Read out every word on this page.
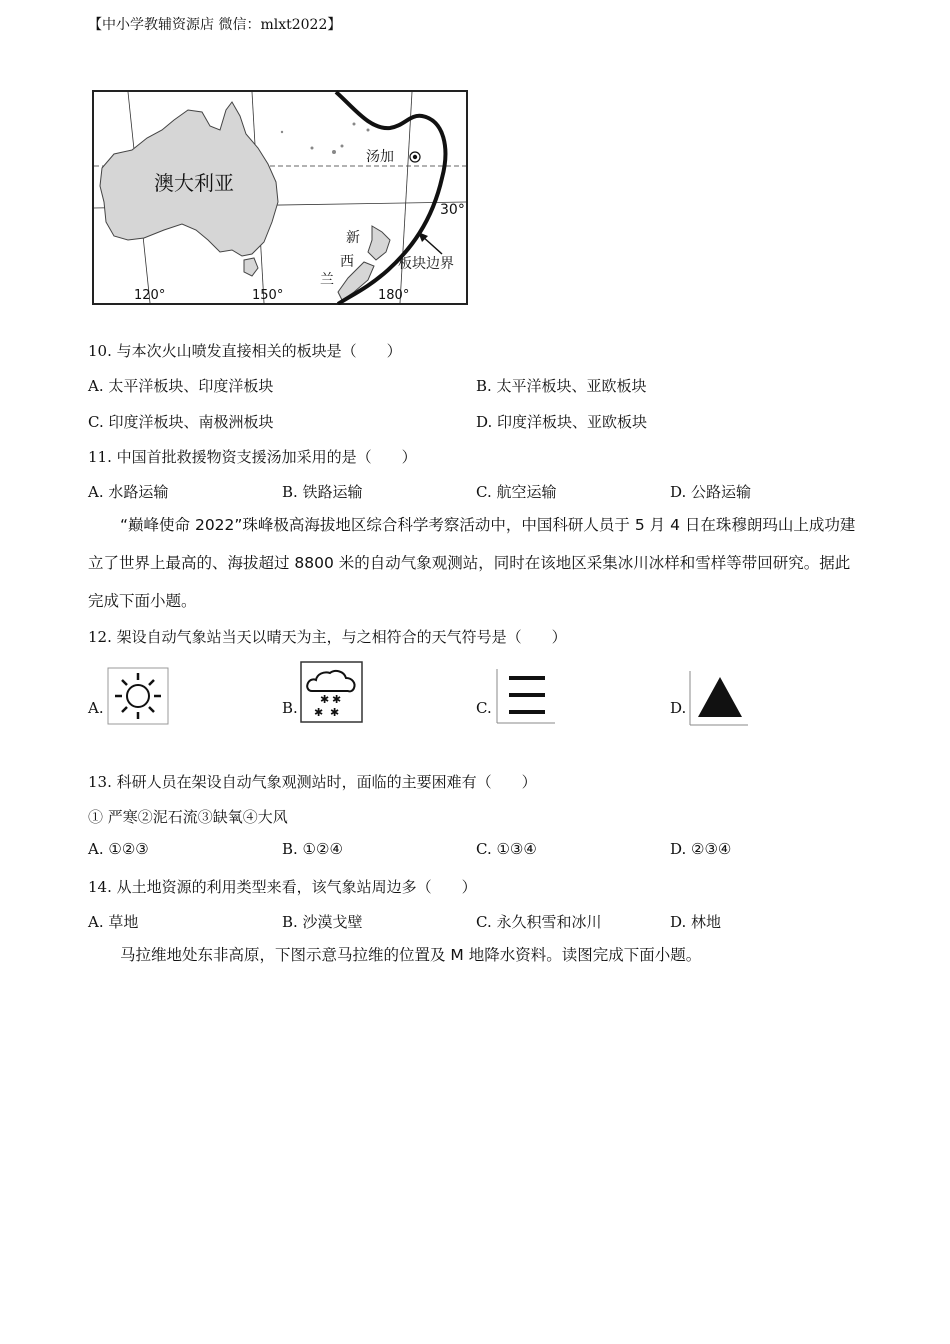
【中小学教辅资源店 微信：mlxt2022】
澳大利亚
汤加
30°
新
西
兰
板块边界
120°	150°	180°
10. 与本次火山喷发直接相关的板块是（　　）
A. 太平洋板块、印度洋板块	B. 太平洋板块、亚欧板块
C. 印度洋板块、南极洲板块	D. 印度洋板块、亚欧板块
11. 中国首批救援物资支援汤加采用的是（　　）
A. 水路运输	B. 铁路运输	C. 航空运输	D. 公路运输
“巅峰使命 2022”珠峰极高海拔地区综合科学考察活动中，中国科研人员于 5 月 4 日在珠穆朗玛山上成功建立了世界上最高的、海拔超过 8800 米的自动气象观测站，同时在该地区采集冰川冰样和雪样等带回研究。据此完成下面小题。
12. 架设自动气象站当天以晴天为主，与之相符合的天气符号是（　　）
A.	B. ✱ ✱
✱ ✱	C.	D.
13. 科研人员在架设自动气象观测站时，面临的主要困难有（　　）
① 严寒②泥石流③缺氧④大风
A. ①②③	B. ①②④	C. ①③④	D. ②③④
14. 从土地资源的利用类型来看，该气象站周边多（　　）
A. 草地	B. 沙漠戈壁	C. 永久积雪和冰川	D. 林地
马拉维地处东非高原，下图示意马拉维的位置及 M 地降水资料。读图完成下面小题。
